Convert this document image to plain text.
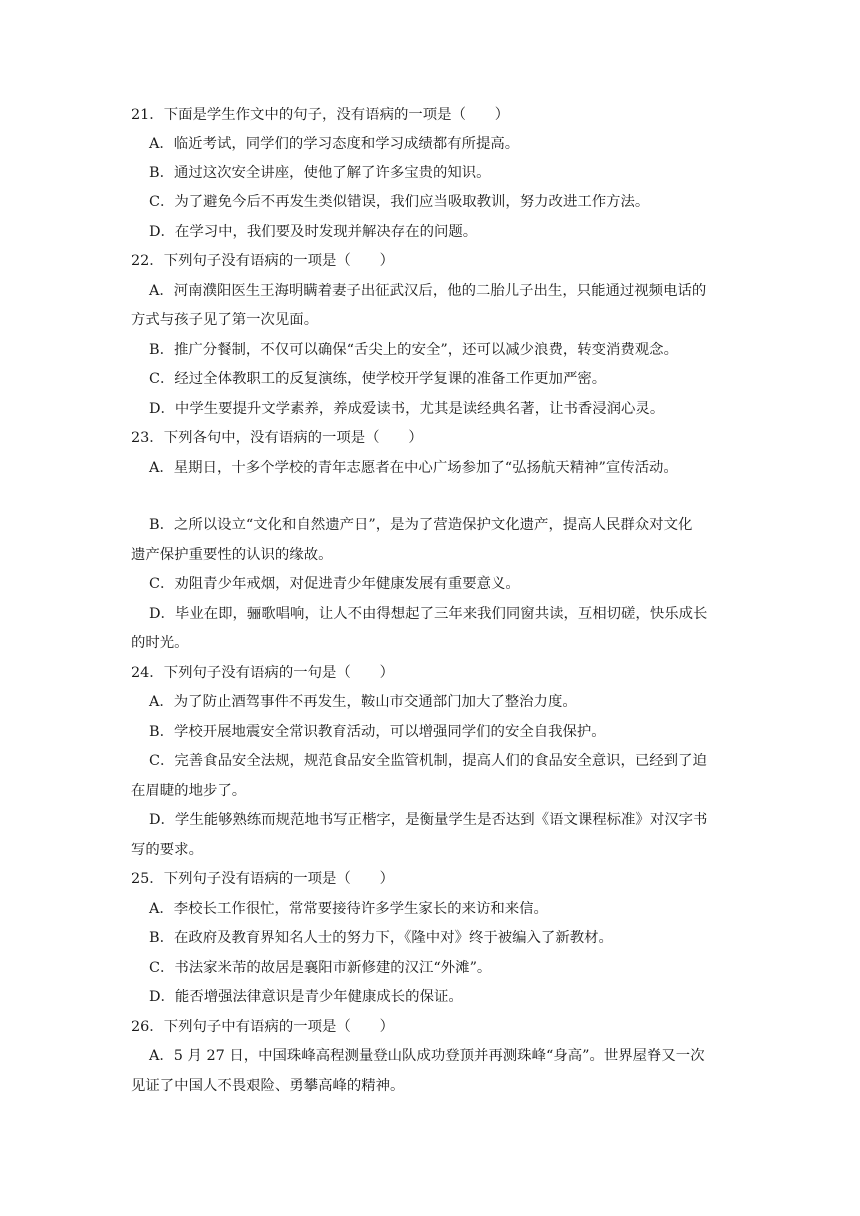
21．下面是学生作文中的句子，没有语病的一项是（　　）
A．临近考试，同学们的学习态度和学习成绩都有所提高。
B．通过这次安全讲座，使他了解了许多宝贵的知识。
C．为了避免今后不再发生类似错误，我们应当吸取教训，努力改进工作方法。
D．在学习中，我们要及时发现并解决存在的问题。
22．下列句子没有语病的一项是（　　）
A．河南濮阳医生王海明瞒着妻子出征武汉后，他的二胎儿子出生，只能通过视频电话的
方式与孩子见了第一次见面。
B．推广分餐制，不仅可以确保“舌尖上的安全”，还可以减少浪费，转变消费观念。
C．经过全体教职工的反复演练，使学校开学复课的准备工作更加严密。
D．中学生要提升文学素养，养成爱读书，尤其是读经典名著，让书香浸润心灵。
23．下列各句中，没有语病的一项是（　　）
A．星期日，十多个学校的青年志愿者在中心广场参加了“弘扬航天精神”宣传活动。
B．之所以设立“文化和自然遗产日”，是为了营造保护文化遗产，提高人民群众对文化
遗产保护重要性的认识的缘故。
C．劝阻青少年戒烟，对促进青少年健康发展有重要意义。
D．毕业在即，骊歌唱响，让人不由得想起了三年来我们同窗共读，互相切磋，快乐成长
的时光。
24．下列句子没有语病的一句是（　　）
A．为了防止酒驾事件不再发生，鞍山市交通部门加大了整治力度。
B．学校开展地震安全常识教育活动，可以增强同学们的安全自我保护。
C．完善食品安全法规，规范食品安全监管机制，提高人们的食品安全意识，已经到了迫
在眉睫的地步了。
D．学生能够熟练而规范地书写正楷字，是衡量学生是否达到《语文课程标准》对汉字书
写的要求。
25．下列句子没有语病的一项是（　　）
A．李校长工作很忙，常常要接待许多学生家长的来访和来信。
B．在政府及教育界知名人士的努力下，《隆中对》终于被编入了新教材。
C．书法家米芾的故居是襄阳市新修建的汉江“外滩”。
D．能否增强法律意识是青少年健康成长的保证。
26．下列句子中有语病的一项是（　　）
A．5 月 27 日，中国珠峰高程测量登山队成功登顶并再测珠峰“身高”。世界屋脊又一次
见证了中国人不畏艰险、勇攀高峰的精神。
